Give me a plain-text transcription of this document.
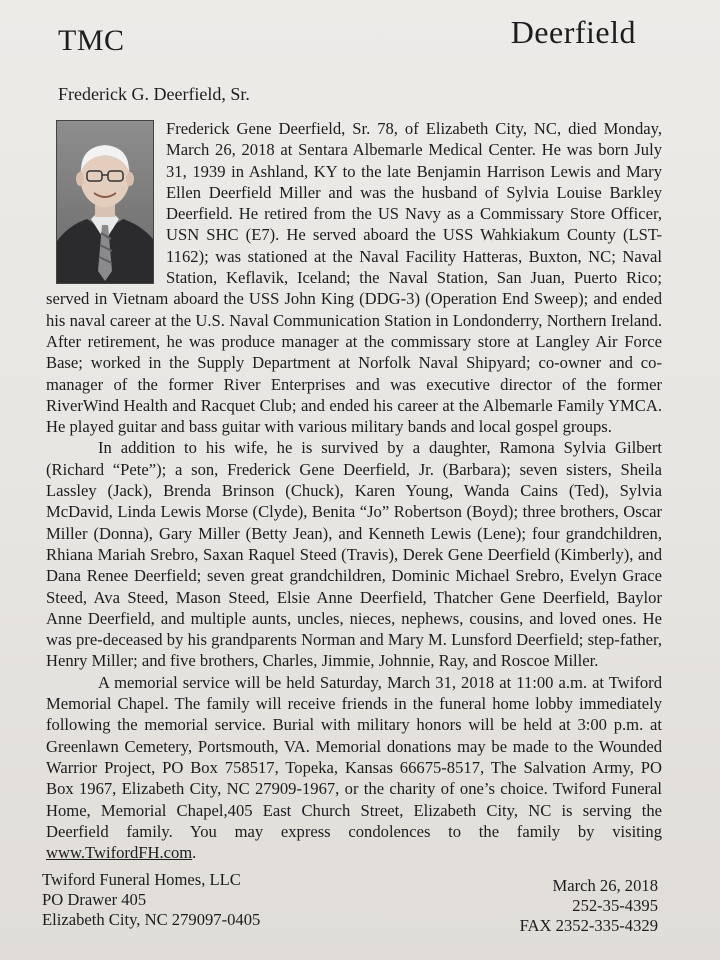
TMC	Deerfield
Frederick G. Deerfield, Sr.

Frederick Gene Deerfield, Sr. 78, of Elizabeth City, NC, died Monday, March 26, 2018 at Sentara Albemarle Medical Center. He was born July 31, 1939 in Ashland, KY to the late Benjamin Harrison Lewis and Mary Ellen Deerfield Miller and was the husband of Sylvia Louise Barkley Deerfield. He retired from the US Navy as a Commissary Store Officer, USN SHC (E7). He served aboard the USS Wahkiakum County (LST-1162); was stationed at the Naval Facility Hatteras, Buxton, NC; Naval Station, Keflavik, Iceland; the Naval Station, San Juan, Puerto Rico; served in Vietnam aboard the USS John King (DDG-3) (Operation End Sweep); and ended his naval career at the U.S. Naval Communication Station in Londonderry, Northern Ireland. After retirement, he was produce manager at the commissary store at Langley Air Force Base; worked in the Supply Department at Norfolk Naval Shipyard; co-owner and co-manager of the former River Enterprises and was executive director of the former RiverWind Health and Racquet Club; and ended his career at the Albemarle Family YMCA. He played guitar and bass guitar with various military bands and local gospel groups.

In addition to his wife, he is survived by a daughter, Ramona Sylvia Gilbert (Richard “Pete”); a son, Frederick Gene Deerfield, Jr. (Barbara); seven sisters, Sheila Lassley (Jack), Brenda Brinson (Chuck), Karen Young, Wanda Cains (Ted), Sylvia McDavid, Linda Lewis Morse (Clyde), Benita “Jo” Robertson (Boyd); three brothers, Oscar Miller (Donna), Gary Miller (Betty Jean), and Kenneth Lewis (Lene); four grandchildren, Rhiana Mariah Srebro, Saxan Raquel Steed (Travis), Derek Gene Deerfield (Kimberly), and Dana Renee Deerfield; seven great grandchildren, Dominic Michael Srebro, Evelyn Grace Steed, Ava Steed, Mason Steed, Elsie Anne Deerfield, Thatcher Gene Deerfield, Baylor Anne Deerfield, and multiple aunts, uncles, nieces, nephews, cousins, and loved ones. He was pre-deceased by his grandparents Norman and Mary M. Lunsford Deerfield; step-father, Henry Miller; and five brothers, Charles, Jimmie, Johnnie, Ray, and Roscoe Miller.

A memorial service will be held Saturday, March 31, 2018 at 11:00 a.m. at Twiford Memorial Chapel. The family will receive friends in the funeral home lobby immediately following the memorial service. Burial with military honors will be held at 3:00 p.m. at Greenlawn Cemetery, Portsmouth, VA. Memorial donations may be made to the Wounded Warrior Project, PO Box 758517, Topeka, Kansas 66675-8517, The Salvation Army, PO Box 1967, Elizabeth City, NC 27909-1967, or the charity of one’s choice. Twiford Funeral Home, Memorial Chapel,405 East Church Street, Elizabeth City, NC is serving the Deerfield family. You may express condolences to the family by visiting www.TwifordFH.com.

Twiford Funeral Homes, LLC
PO Drawer 405
Elizabeth City, NC 279097-0405
March 26, 2018
252-35-4395
FAX 2352-335-4329
